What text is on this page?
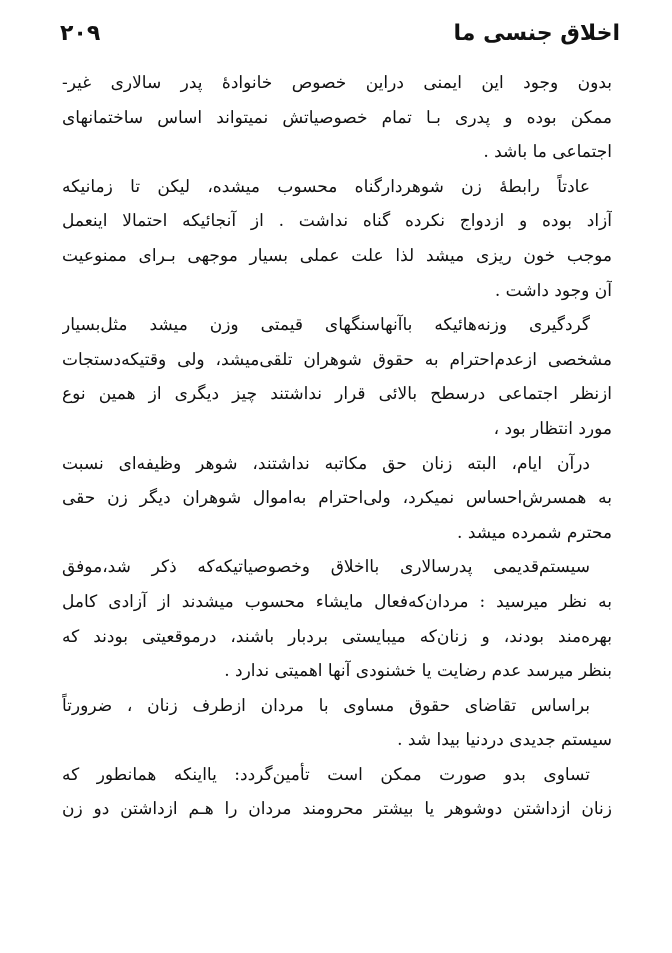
اخلاق جنسی ما
۲۰۹
بدون وجود این ایمنی دراین خصوص خانوادهٔ پدر سالاری غیر-
ممکن بوده و پدری بـا تمام خصوصیاتش نمیتواند اساس ساختمانهای
اجتماعی ما باشد .
عادتاً رابطهٔ زن شوهردارگناه محسوب میشده، لیکن تا زمانیکه
آزاد بوده و ازدواج نکرده گناه نداشت . از آنجائیکه احتمالا اینعمل
موجب خون ریزی میشد لذا علت عملی بسیار موجهی بـرای ممنوعیت
آن وجود داشت .
گردگیری وزنه‌هائیکه باآنهاسنگهای قیمتی وزن میشد مثل‌بسیار
مشخصی ازعدم‌احترام به حقوق شوهران تلقی‌میشد، ولی وقتیکه‌دستجات
ازنظر اجتماعی درسطح بالائی قرار نداشتند چیز دیگری از همین نوع
مورد انتظار بود ،
درآن ایام، البته زنان حق مکاتبه نداشتند، شوهر وظیفه‌ای نسبت
به همسرش‌احساس نمیکرد، ولی‌احترام به‌اموال شوهران دیگر زن حقی
محترم شمرده میشد .
سیستم‌قدیمی پدرسالاری بااخلاق وخصوصیاتیکه‌که ذکر شد،موفق
به نظر میرسید : مردان‌که‌فعال مایشاء محسوب میشدند از آزادی کامل
بهره‌مند بودند، و زنان‌که میبایستی بردبار باشند، درموقعیتی بودند که
بنظر میرسد عدم رضایت یا خشنودی آنها اهمیتی ندارد .
براساس تقاضای حقوق مساوی با مردان ازطرف زنان ، ضرورتاً
سیستم جدیدی دردنیا بیدا شد .
تساوی بدو صورت ممکن است تأمین‌گردد: یااینکه همانطور که
زنان ازداشتن دوشوهر یا بیشتر محرومند مردان را هـم ازداشتن دو زن
